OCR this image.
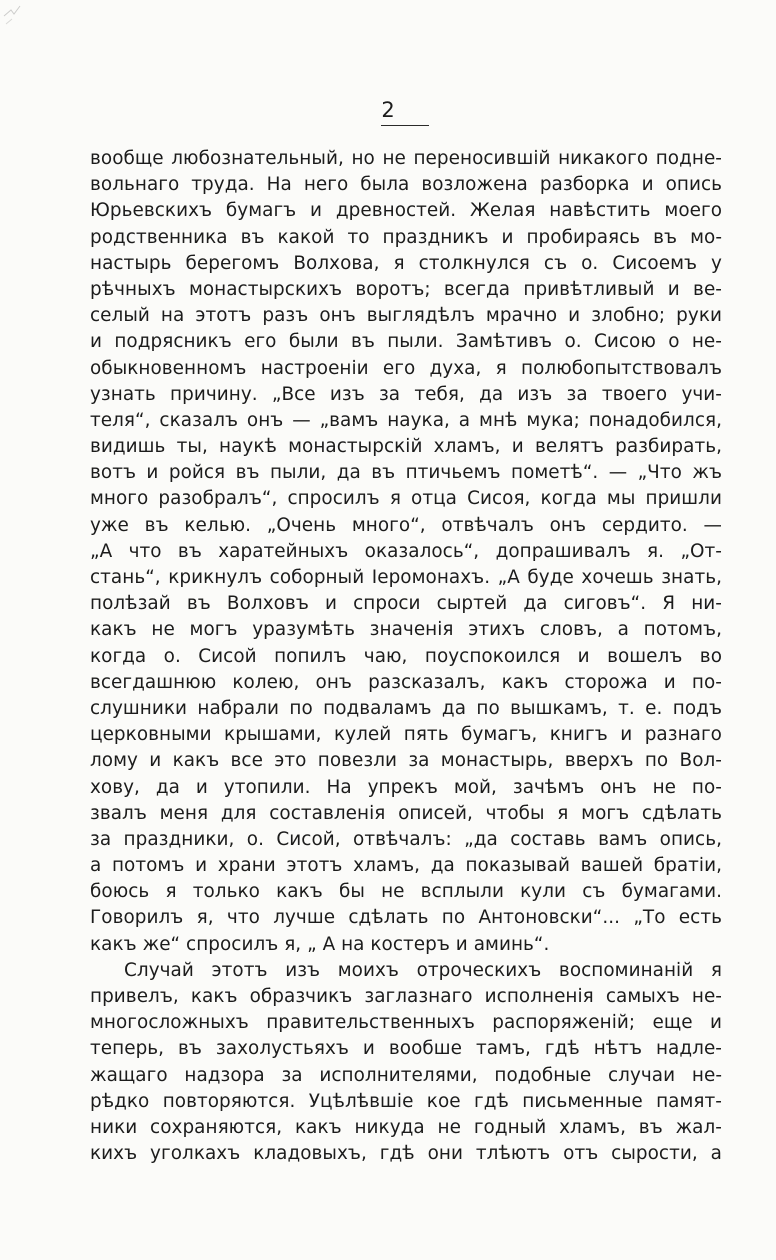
2
вообще любознательный, но не переносившій никакого подне-
вольнаго труда. На него была возложена разборка и опись
Юрьевскихъ бумагъ и древностей. Желая навѣстить моего
родственника въ какой то праздникъ и пробираясь въ мо-
настырь берегомъ Волхова, я столкнулся съ о. Сисоемъ у
рѣчныхъ монастырскихъ воротъ; всегда привѣтливый и ве-
селый на этотъ разъ онъ выглядѣлъ мрачно и злобно; руки
и подрясникъ его были въ пыли. Замѣтивъ о. Сисою о не-
обыкновенномъ настроеніи его духа, я полюбопытствовалъ
узнать причину. „Все изъ за тебя, да изъ за твоего учи-
теля“, сказалъ онъ — „вамъ наука, а мнѣ мука; понадобился,
видишь ты, наукѣ монастырскій хламъ, и велятъ разбирать,
вотъ и ройся въ пыли, да въ птичьемъ пометѣ“. — „Что жъ
много разобралъ“, спросилъ я отца Сисоя, когда мы пришли
уже въ келью. „Очень много“, отвѣчалъ онъ сердито. —
„А что въ харатейныхъ оказалось“, допрашивалъ я. „От-
стань“, крикнулъ соборный Іеромонахъ. „А буде хочешь знать,
полѣзай въ Волховъ и спроси сыртей да сиговъ“. Я ни-
какъ не могъ уразумѣть значенія этихъ словъ, а потомъ,
когда о. Сисой попилъ чаю, поуспокоился и вошелъ во
всегдашнюю колею, онъ разсказалъ, какъ сторожа и по-
слушники набрали по подваламъ да по вышкамъ, т. е. подъ
церковными крышами, кулей пять бумагъ, книгъ и разнаго
лому и какъ все это повезли за монастырь, вверхъ по Вол-
хову, да и утопили. На упрекъ мой, зачѣмъ онъ не по-
звалъ меня для составленія описей, чтобы я могъ сдѣлать
за праздники, о. Сисой, отвѣчалъ: „да составь вамъ опись,
а потомъ и храни этотъ хламъ, да показывай вашей братіи,
боюсь я только какъ бы не всплыли кули съ бумагами.
Говорилъ я, что лучше сдѣлать по Антоновски“... „То есть
какъ же“ спросилъ я, „ А на костеръ и аминь“.
Случай этотъ изъ моихъ отроческихъ воспоминаній я
привелъ, какъ образчикъ заглазнаго исполненія самыхъ не-
многосложныхъ правительственныхъ распоряженій; еще и
теперь, въ захолустьяхъ и вообше тамъ, гдѣ нѣтъ надле-
жащаго надзора за исполнителями, подобные случаи не-
рѣдко повторяются. Уцѣлѣвшіе кое гдѣ письменные памят-
ники сохраняются, какъ никуда не годный хламъ, въ жал-
кихъ уголкахъ кладовыхъ, гдѣ они тлѣютъ отъ сырости, а
